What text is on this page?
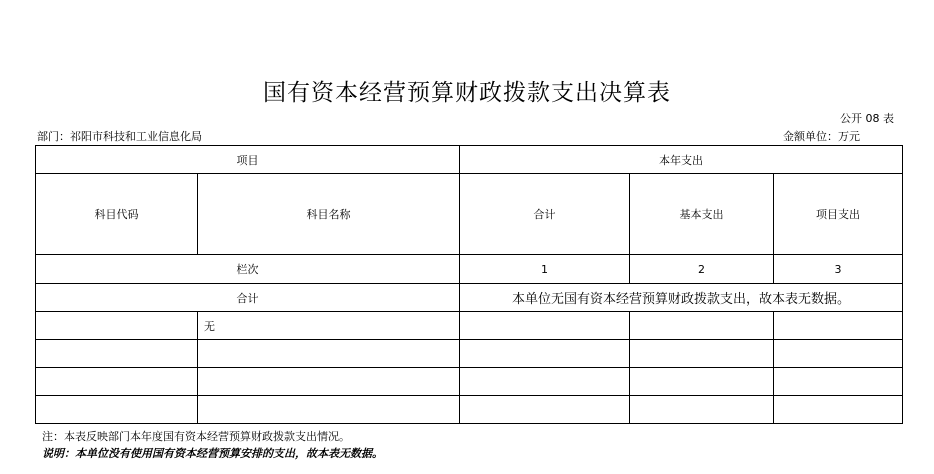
国有资本经营预算财政拨款支出决算表
公开 08 表
部门：祁阳市科技和工业信息化局	金额单位：万元
项目		本年支出		
科目代码	科目名称	合计	基本支出	项目支出
栏次		1	2	3
合计		本单位无国有资本经营预算财政拨款支出，故本表无数据。		
	无			

注：本表反映部门本年度国有资本经营预算财政拨款支出情况。
说明：本单位没有使用国有资本经营预算安排的支出，故本表无数据。
